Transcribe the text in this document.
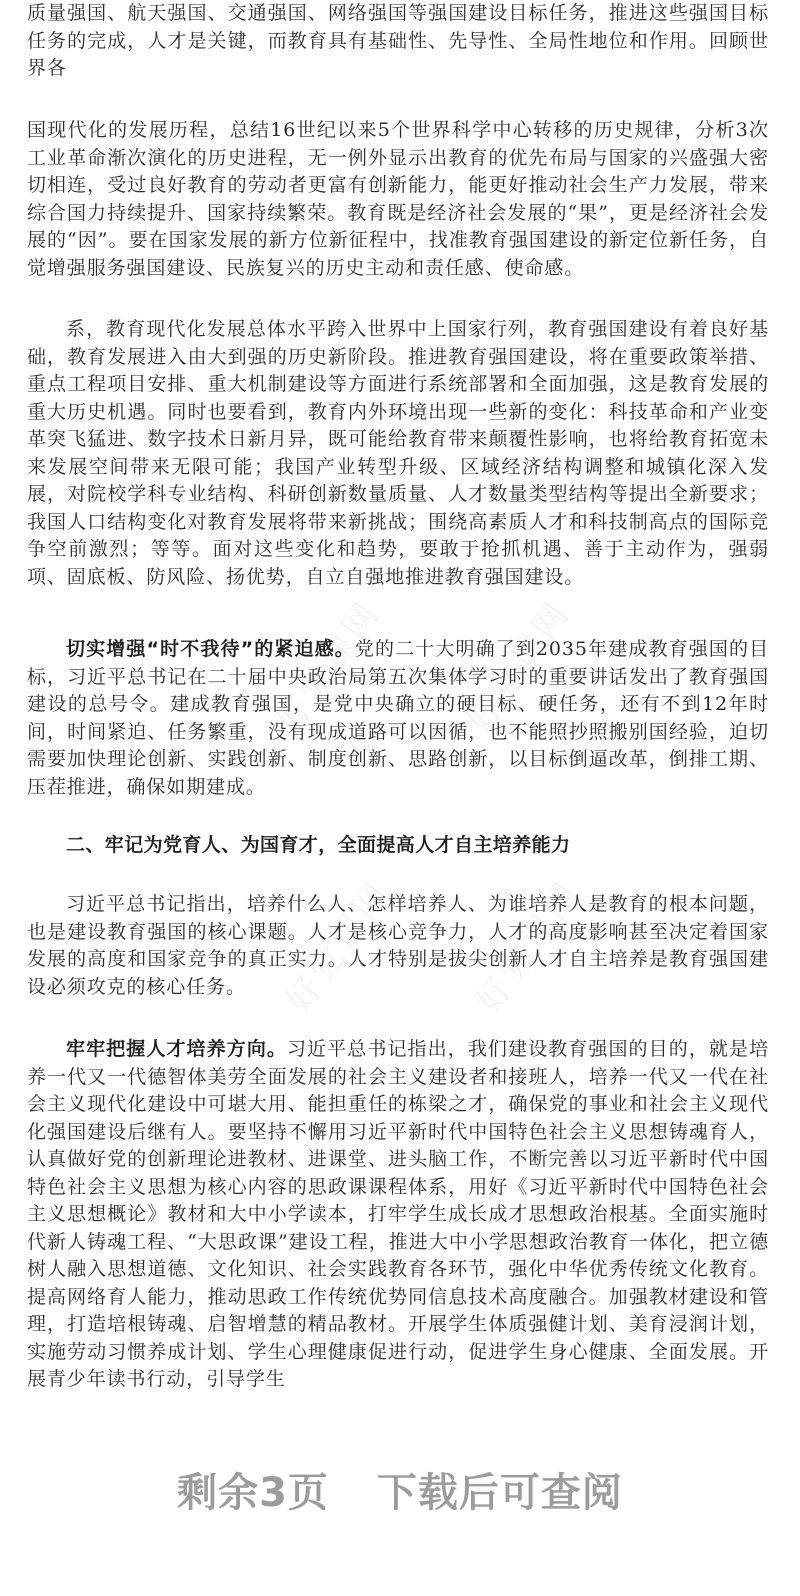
好党课网 好党课网
好党课网 好党课网

质量强国、航天强国、交通强国、网络强国等强国建设目标任务，推进这些强国目标任务的完成，人才是关键，而教育具有基础性、先导性、全局性地位和作用。回顾世界各

国现代化的发展历程，总结16世纪以来5个世界科学中心转移的历史规律，分析3次工业革命渐次演化的历史进程，无一例外显示出教育的优先布局与国家的兴盛强大密切相连，受过良好教育的劳动者更富有创新能力，能更好推动社会生产力发展，带来综合国力持续提升、国家持续繁荣。教育既是经济社会发展的“果”，更是经济社会发展的“因”。要在国家发展的新方位新征程中，找准教育强国建设的新定位新任务，自觉增强服务强国建设、民族复兴的历史主动和责任感、使命感。

系，教育现代化发展总体水平跨入世界中上国家行列，教育强国建设有着良好基础，教育发展进入由大到强的历史新阶段。推进教育强国建设，将在重要政策举措、重点工程项目安排、重大机制建设等方面进行系统部署和全面加强，这是教育发展的重大历史机遇。同时也要看到，教育内外环境出现一些新的变化：科技革命和产业变革突飞猛进、数字技术日新月异，既可能给教育带来颠覆性影响，也将给教育拓宽未来发展空间带来无限可能；我国产业转型升级、区域经济结构调整和城镇化深入发展，对院校学科专业结构、科研创新数量质量、人才数量类型结构等提出全新要求；我国人口结构变化对教育发展将带来新挑战；围绕高素质人才和科技制高点的国际竞争空前激烈；等等。面对这些变化和趋势，要敢于抢抓机遇、善于主动作为，强弱项、固底板、防风险、扬优势，自立自强地推进教育强国建设。

切实增强“时不我待”的紧迫感。党的二十大明确了到2035年建成教育强国的目标，习近平总书记在二十届中央政治局第五次集体学习时的重要讲话发出了教育强国建设的总号令。建成教育强国，是党中央确立的硬目标、硬任务，还有不到12年时间，时间紧迫、任务繁重，没有现成道路可以因循，也不能照抄照搬别国经验，迫切需要加快理论创新、实践创新、制度创新、思路创新，以目标倒逼改革，倒排工期、压茬推进，确保如期建成。

二、牢记为党育人、为国育才，全面提高人才自主培养能力

习近平总书记指出，培养什么人、怎样培养人、为谁培养人是教育的根本问题，也是建设教育强国的核心课题。人才是核心竞争力，人才的高度影响甚至决定着国家发展的高度和国家竞争的真正实力。人才特别是拔尖创新人才自主培养是教育强国建设必须攻克的核心任务。

牢牢把握人才培养方向。习近平总书记指出，我们建设教育强国的目的，就是培养一代又一代德智体美劳全面发展的社会主义建设者和接班人，培养一代又一代在社会主义现代化建设中可堪大用、能担重任的栋梁之才，确保党的事业和社会主义现代化强国建设后继有人。要坚持不懈用习近平新时代中国特色社会主义思想铸魂育人，认真做好党的创新理论进教材、进课堂、进头脑工作，不断完善以习近平新时代中国特色社会主义思想为核心内容的思政课课程体系，用好《习近平新时代中国特色社会主义思想概论》教材和大中小学读本，打牢学生成长成才思想政治根基。全面实施时代新人铸魂工程、“大思政课”建设工程，推进大中小学思想政治教育一体化，把立德树人融入思想道德、文化知识、社会实践教育各环节，强化中华优秀传统文化教育。提高网络育人能力，推动思政工作传统优势同信息技术高度融合。加强教材建设和管理，打造培根铸魂、启智增慧的精品教材。开展学生体质强健计划、美育浸润计划，实施劳动习惯养成计划、学生心理健康促进行动，促进学生身心健康、全面发展。开展青少年读书行动，引导学生

剩余3页 下载后可查阅
